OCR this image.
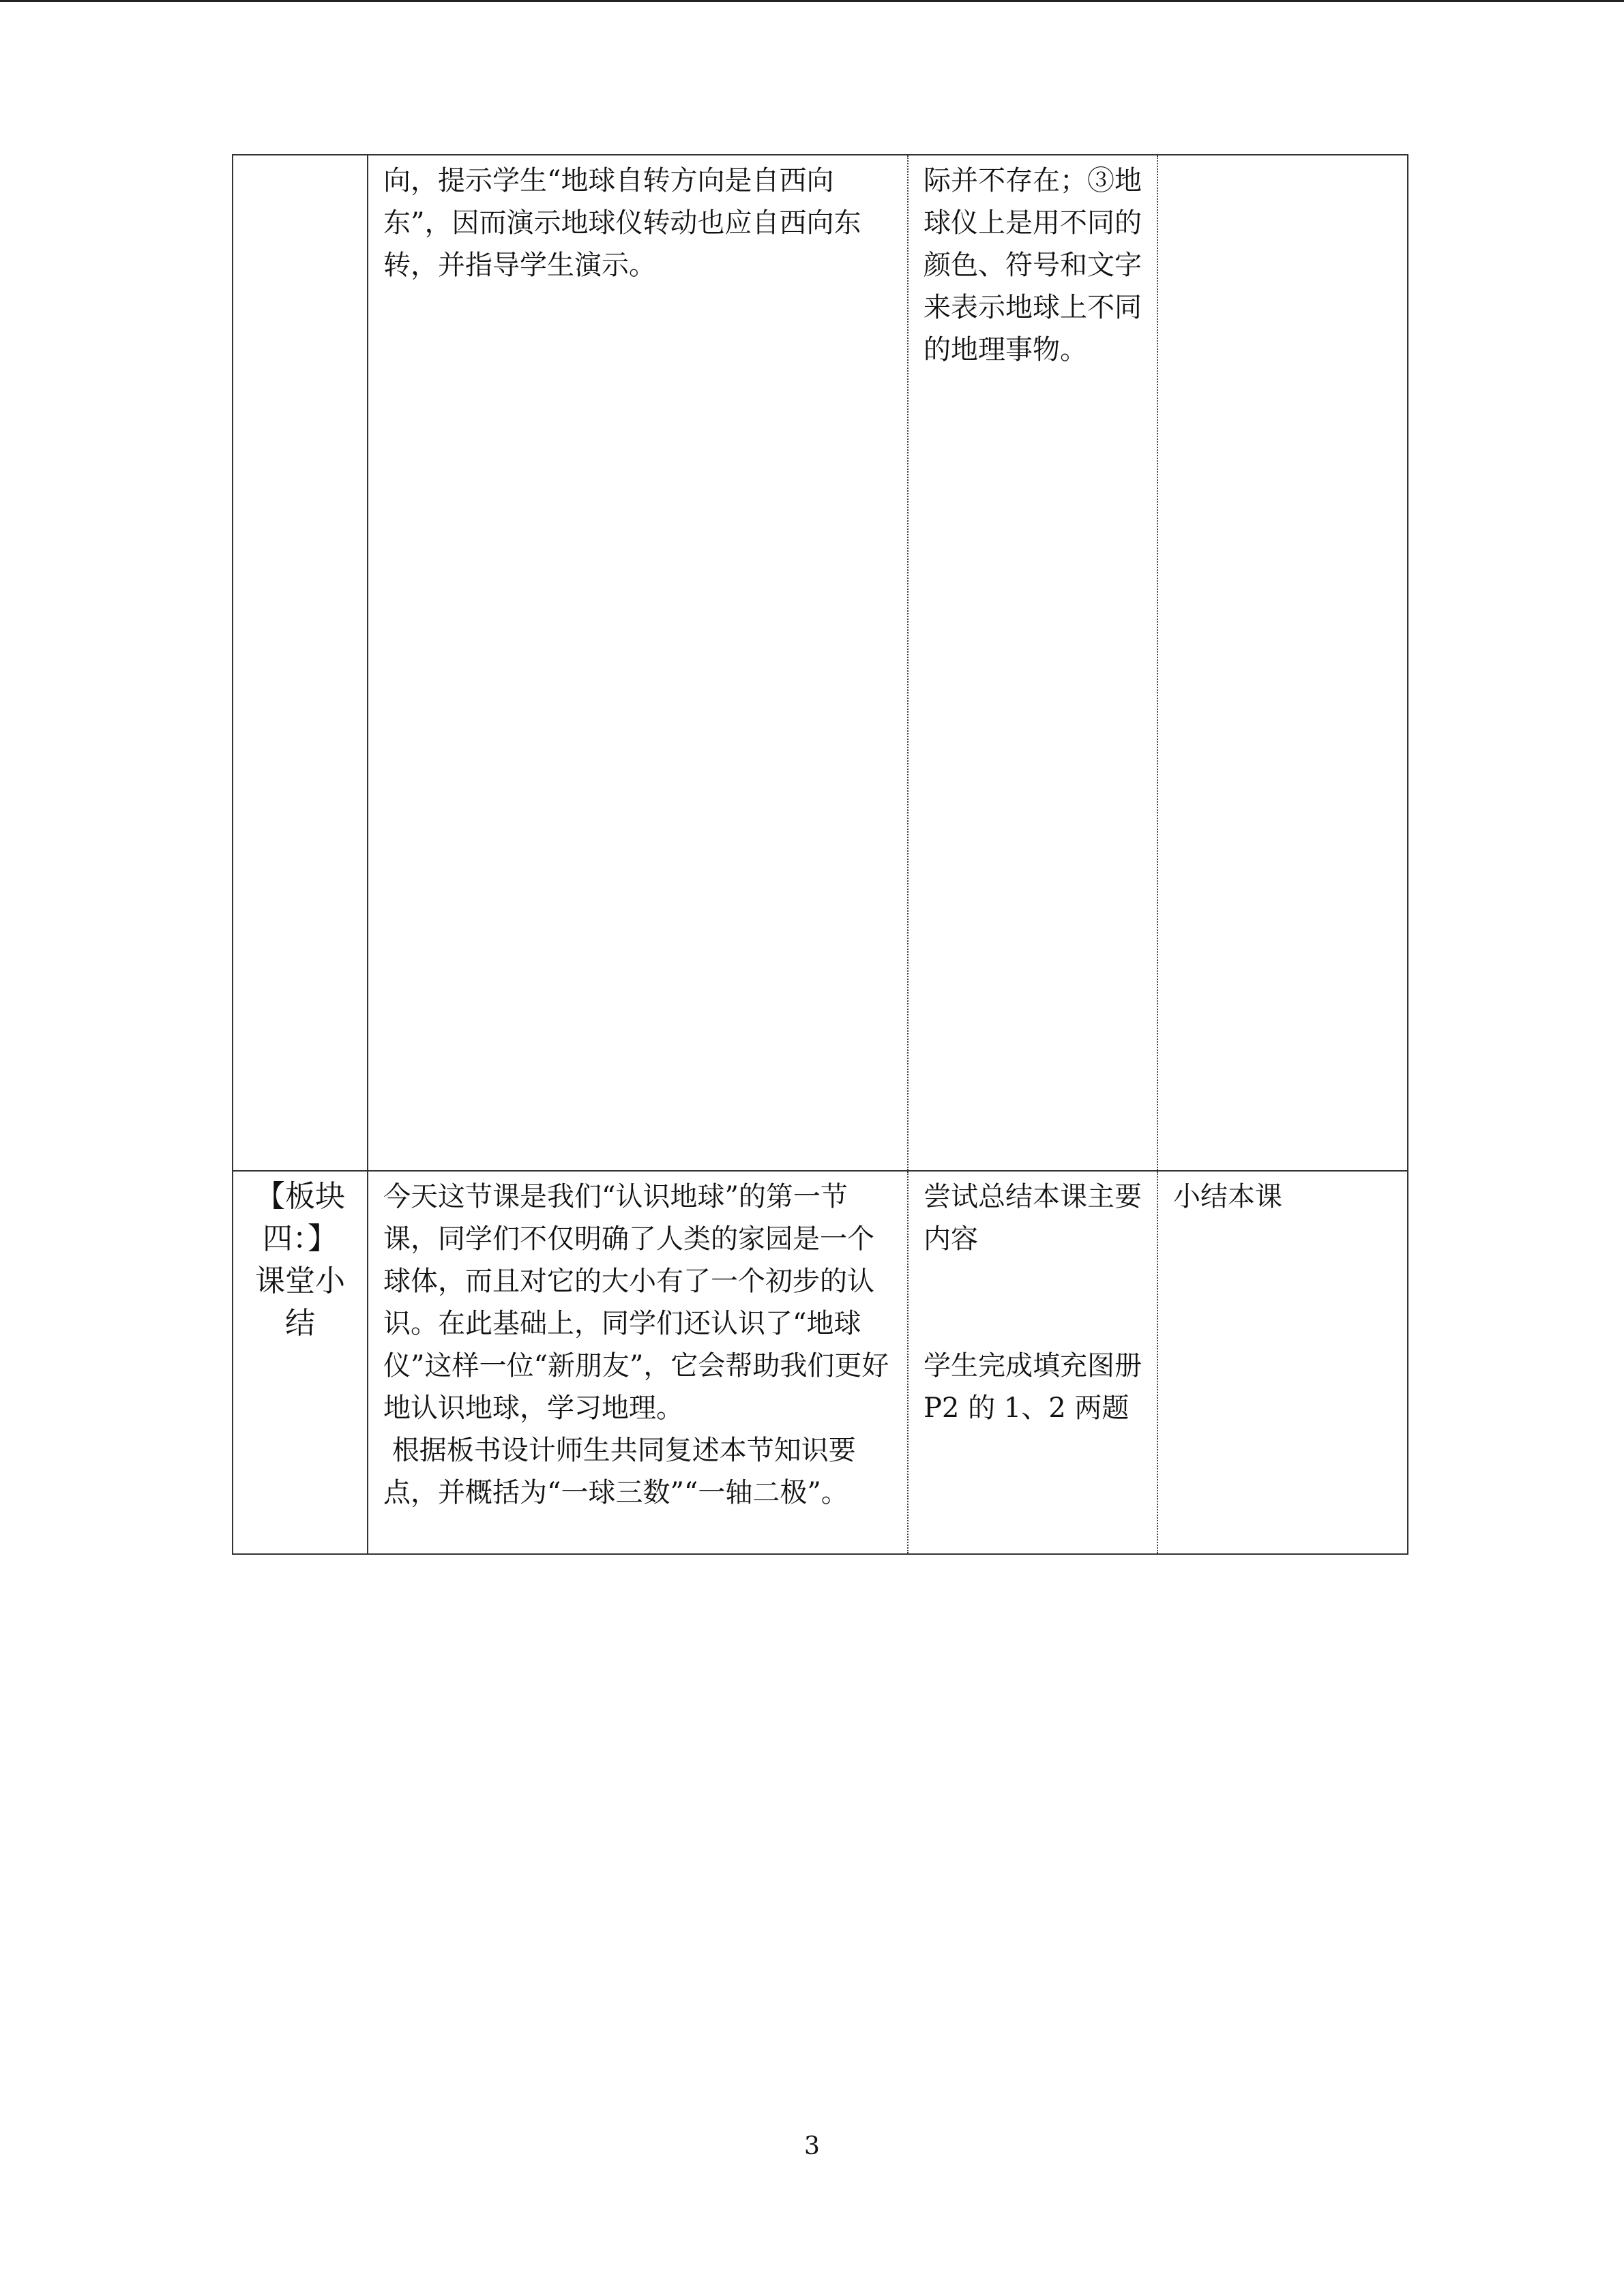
	向，提示学生“地球自转方向是自西向东”，因而演示地球仪转动也应自西向东转，并指导学生演示。	际并不存在；③地球仪上是用不同的颜色、符号和文字来表示地球上不同的地理事物。	

【板块
四：】
课堂小
结	今天这节课是我们“认识地球”的第一节课，同学们不仅明确了人类的家园是一个球体，而且对它的大小有了一个初步的认识。在此基础上，同学们还认识了“地球仪”这样一位“新朋友”，它会帮助我们更好地认识地球，学习地理。
根据板书设计师生共同复述本节知识要点，并概括为“一球三数”“一轴二极”。	尝试总结本课主要内容
学生完成填充图册 P2 的 1、2 两题	小结本课
3
